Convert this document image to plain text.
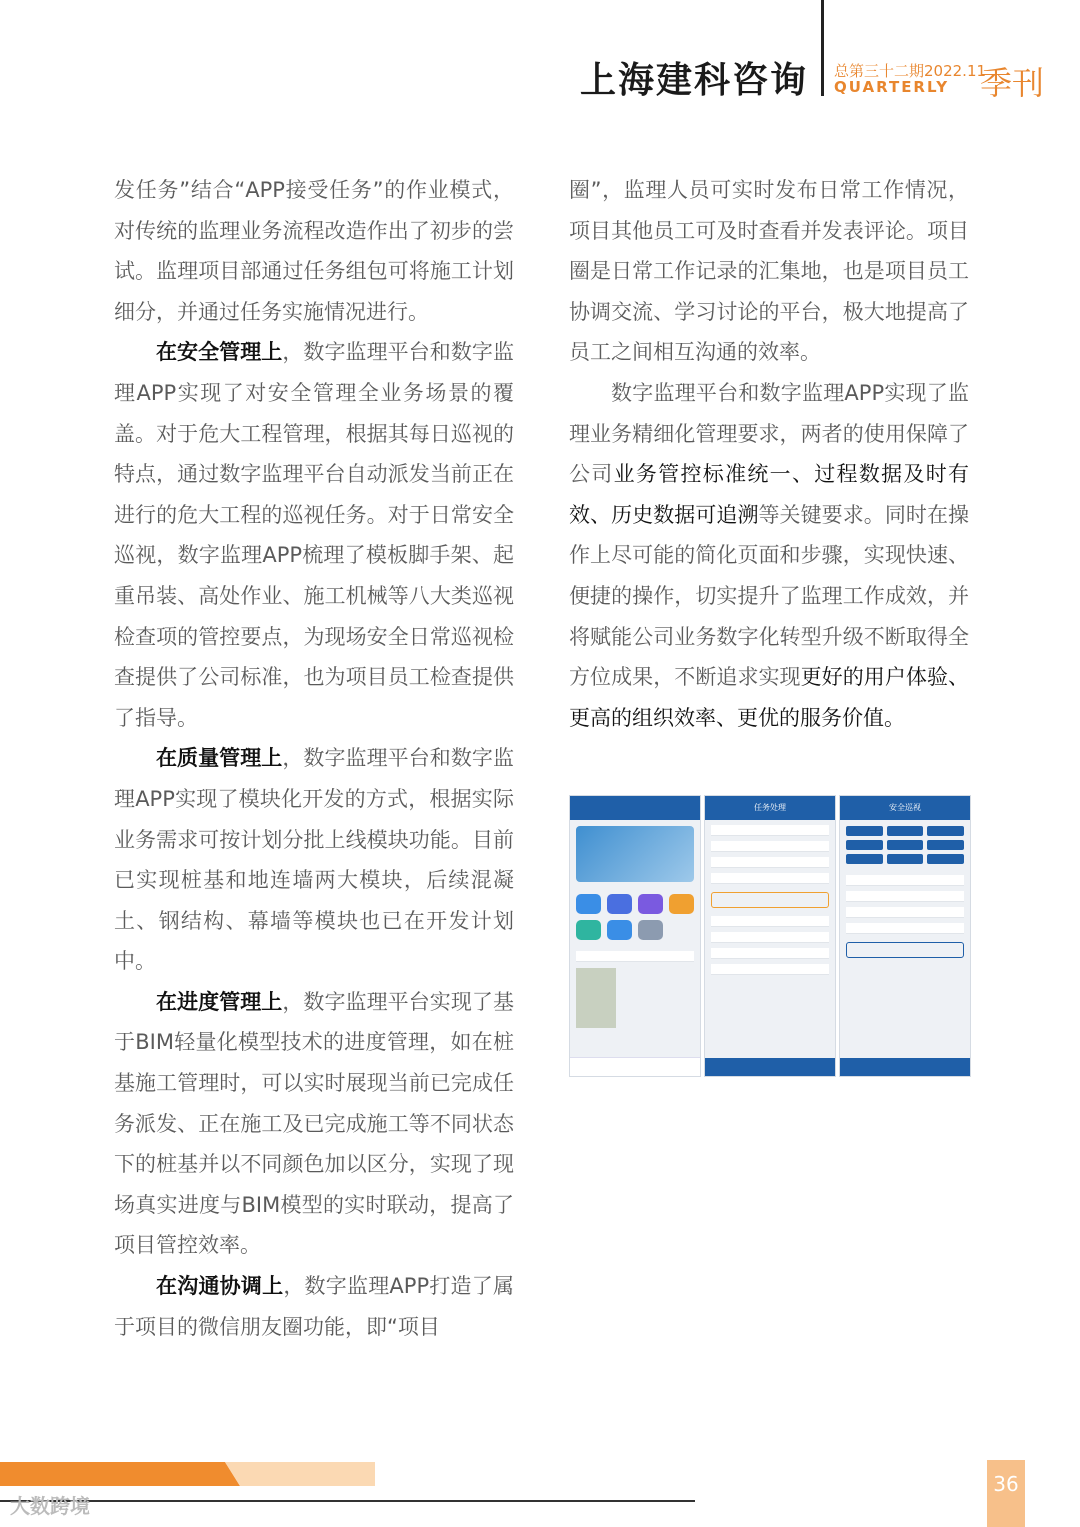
上海建科咨询 总第三十二期2022.11
QUARTERLY 季刊

发任务”结合“APP接受任务”的作业模式，对传统的监理业务流程改造作出了初步的尝试。监理项目部通过任务组包可将施工计划细分，并通过任务实施情况进行。

在安全管理上，数字监理平台和数字监理APP实现了对安全管理全业务场景的覆盖。对于危大工程管理，根据其每日巡视的特点，通过数字监理平台自动派发当前正在进行的危大工程的巡视任务。对于日常安全巡视，数字监理APP梳理了模板脚手架、起重吊装、高处作业、施工机械等八大类巡视检查项的管控要点，为现场安全日常巡视检查提供了公司标准，也为项目员工检查提供了指导。

在质量管理上，数字监理平台和数字监理APP实现了模块化开发的方式，根据实际业务需求可按计划分批上线模块功能。目前已实现桩基和地连墙两大模块，后续混凝土、钢结构、幕墙等模块也已在开发计划中。

在进度管理上，数字监理平台实现了基于BIM轻量化模型技术的进度管理，如在桩基施工管理时，可以实时展现当前已完成任务派发、正在施工及已完成施工等不同状态下的桩基并以不同颜色加以区分，实现了现场真实进度与BIM模型的实时联动，提高了项目管控效率。

在沟通协调上，数字监理APP打造了属于项目的微信朋友圈功能，即“项目

圈”，监理人员可实时发布日常工作情况，项目其他员工可及时查看并发表评论。项目圈是日常工作记录的汇集地，也是项目员工协调交流、学习讨论的平台，极大地提高了员工之间相互沟通的效率。

数字监理平台和数字监理APP实现了监理业务精细化管理要求，两者的使用保障了公司业务管控标准统一、过程数据及时有效、历史数据可追溯等关键要求。同时在操作上尽可能的简化页面和步骤，实现快速、便捷的操作，切实提升了监理工作成效，并将赋能公司业务数字化转型升级不断取得全方位成果，不断追求实现更好的用户体验、更高的组织效率、更优的服务价值。

任务处理	安全巡视
36
大数跨境
